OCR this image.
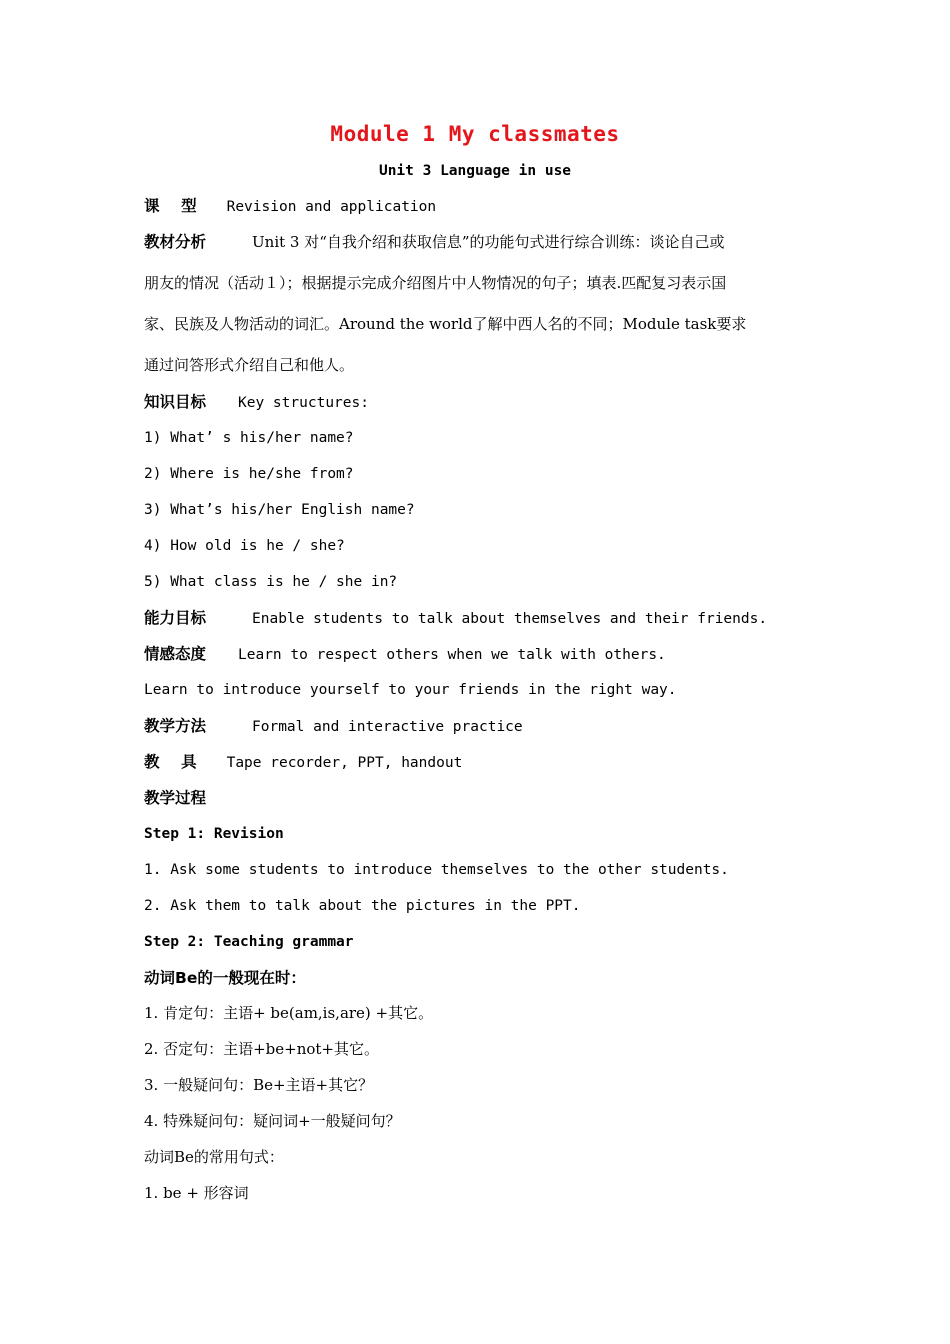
Module 1 My classmates
Unit 3 Language in use
课    型 Revision and application
教材分析	Unit 3 对“自我介绍和获取信息”的功能句式进行综合训练：谈论自己或
朋友的情况（活动１）；根据提示完成介绍图片中人物情况的句子；填表.匹配复习表示国
家、民族及人物活动的词汇。Around the world了解中西人名的不同；Module task要求
通过问答形式介绍自己和他人。
知识目标 Key structures:
1) What’ s his/her name?
2) Where is he/she from?
3) What’s his/her English name?
4) How old is he / she?
5) What class is he / she in?
能力目标	Enable students to talk about themselves and their friends.
情感态度 Learn to respect others when we talk with others.
Learn to introduce yourself to your friends in the right way.
教学方法	Formal and interactive practice
教    具 Tape recorder, PPT, handout
教学过程
Step 1: Revision
1. Ask some students to introduce themselves to the other students.
2. Ask them to talk about the pictures in the PPT.
Step 2: Teaching grammar
动词Be的一般现在时：
1. 肯定句：主语+ be(am,is,are) +其它。
2. 否定句：主语+be+not+其它。
3. 一般疑问句：Be+主语+其它？
4. 特殊疑问句：疑问词+一般疑问句？
动词Be的常用句式：
1. be + 形容词
